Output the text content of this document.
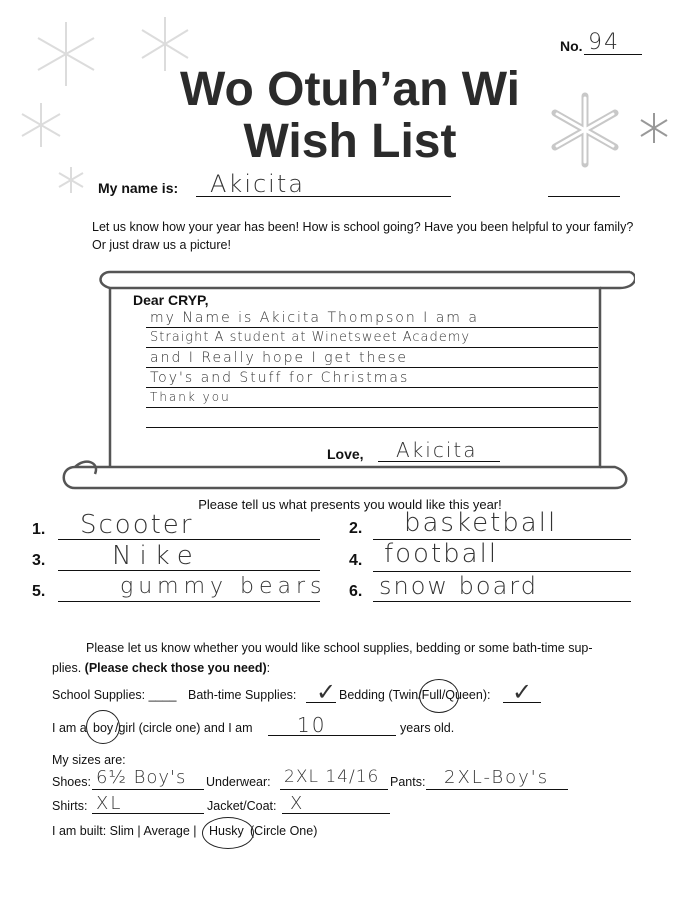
No. 94
Wo Otuh’an Wi
Wish List
My name is: Akicita
Let us know how your year has been! How is school going? Have you been helpful to your family? Or just draw us a picture!
Dear CRYP,
my Name is Akicita Thompson I am a
Straight A student at Winetsweet Academy
and I Really hope I get these
Toy's and Stuff for Christmas
Thank you
Love, Akicita
Please tell us what presents you would like this year!
1. Scooter	2. basketball
3.	Nike	4. football
5.	gummy bears 6. snow board
Please let us know whether you would like school supplies, bedding or some bath-time sup-
plies. (Please check those you need):
School Supplies: ____ Bath-time Supplies: ✓ Bedding (Twin/Full/Queen): ✓
I am a boy /girl (circle one) and I am 10	years old.
My sizes are:
Shoes: 6½ Boy's Underwear: 2XL 14/16 Pants: 2XL-Boy's
Shirts: XL	Jacket/Coat: X
I am built: Slim | Average | Husky (Circle One)
